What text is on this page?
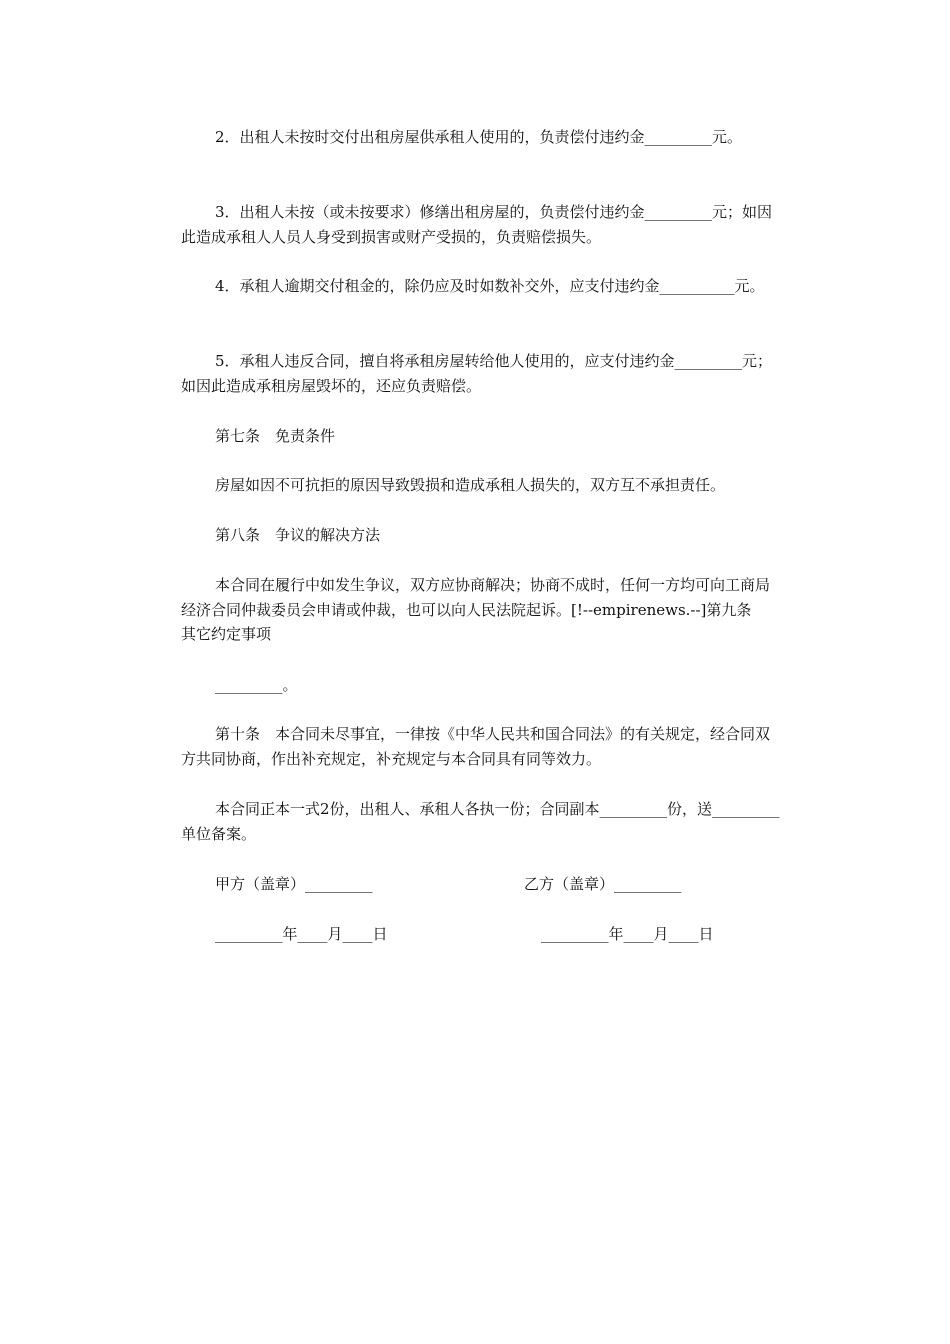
2．出租人未按时交付出租房屋供承租人使用的，负责偿付违约金_________元。

3．出租人未按（或未按要求）修缮出租房屋的，负责偿付违约金_________元；如因此造成承租人人员人身受到损害或财产受损的，负责赔偿损失。

4．承租人逾期交付租金的，除仍应及时如数补交外，应支付违约金__________元。

5．承租人违反合同，擅自将承租房屋转给他人使用的，应支付违约金_________元；如因此造成承租房屋毁坏的，还应负责赔偿。

第七条　免责条件

房屋如因不可抗拒的原因导致毁损和造成承租人损失的，双方互不承担责任。

第八条　争议的解决方法

本合同在履行中如发生争议，双方应协商解决；协商不成时，任何一方均可向工商局经济合同仲裁委员会申请或仲裁，也可以向人民法院起诉。[!--empirenews.--]第九条　其它约定事项

_________。

第十条　本合同未尽事宜，一律按《中华人民共和国合同法》的有关规定，经合同双方共同协商，作出补充规定，补充规定与本合同具有同等效力。

本合同正本一式2份，出租人、承租人各执一份；合同副本_________份，送_________单位备案。

甲方（盖章）_________	乙方（盖章）_________

_________年____月____日	_________年____月____日
